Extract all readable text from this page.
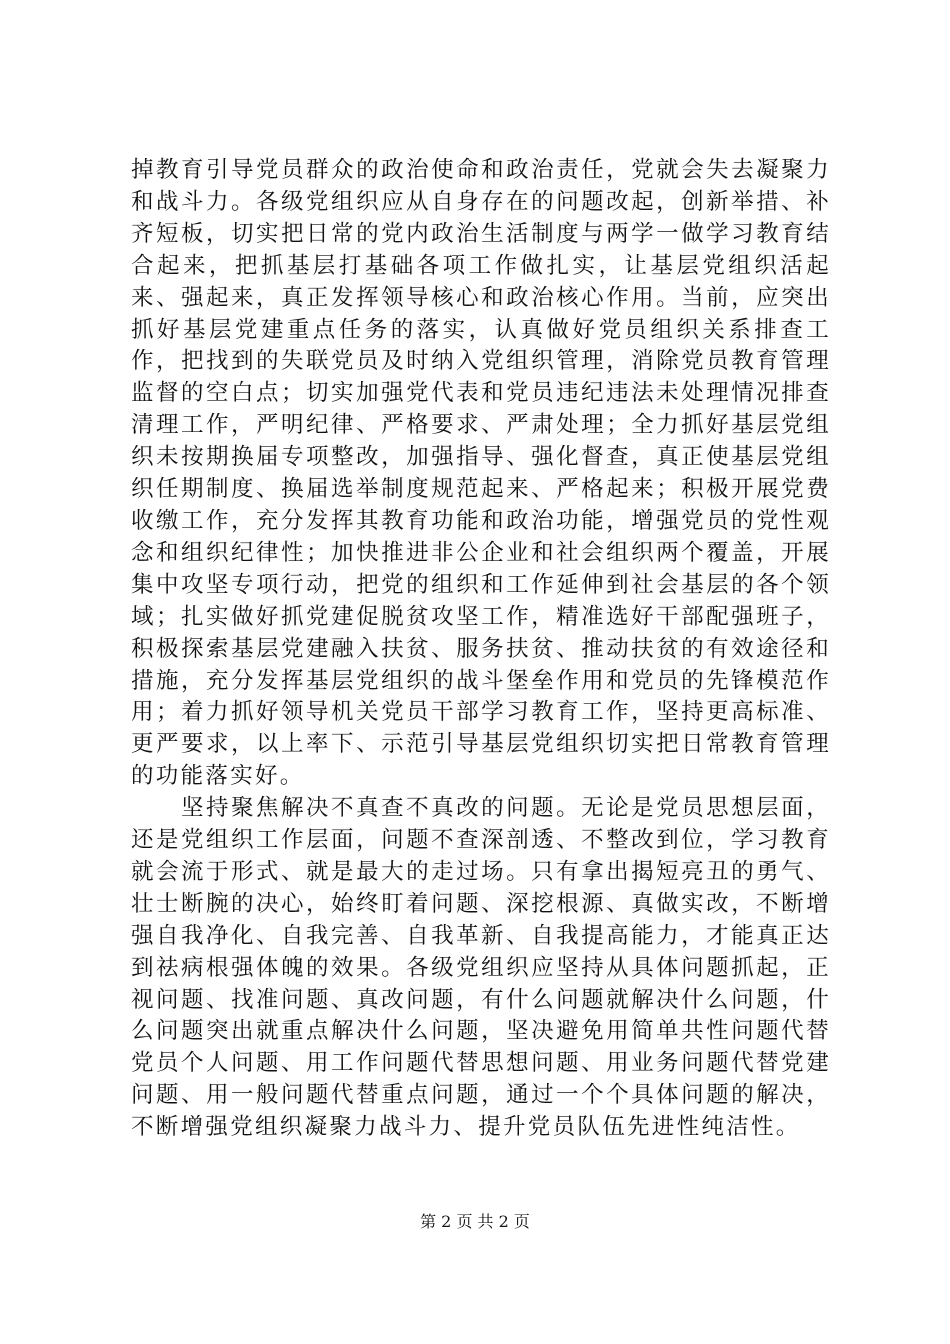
掉教育引导党员群众的政治使命和政治责任，党就会失去凝聚力和战斗力。各级党组织应从自身存在的问题改起，创新举措、补齐短板，切实把日常的党内政治生活制度与两学一做学习教育结合起来，把抓基层打基础各项工作做扎实，让基层党组织活起来、强起来，真正发挥领导核心和政治核心作用。当前，应突出抓好基层党建重点任务的落实，认真做好党员组织关系排查工作，把找到的失联党员及时纳入党组织管理，消除党员教育管理监督的空白点；切实加强党代表和党员违纪违法未处理情况排查清理工作，严明纪律、严格要求、严肃处理；全力抓好基层党组织未按期换届专项整改，加强指导、强化督查，真正使基层党组织任期制度、换届选举制度规范起来、严格起来；积极开展党费收缴工作，充分发挥其教育功能和政治功能，增强党员的党性观念和组织纪律性；加快推进非公企业和社会组织两个覆盖，开展集中攻坚专项行动，把党的组织和工作延伸到社会基层的各个领域；扎实做好抓党建促脱贫攻坚工作，精准选好干部配强班子，积极探索基层党建融入扶贫、服务扶贫、推动扶贫的有效途径和措施，充分发挥基层党组织的战斗堡垒作用和党员的先锋模范作用；着力抓好领导机关党员干部学习教育工作，坚持更高标准、更严要求，以上率下、示范引导基层党组织切实把日常教育管理的功能落实好。

坚持聚焦解决不真查不真改的问题。无论是党员思想层面，还是党组织工作层面，问题不查深剖透、不整改到位，学习教育就会流于形式、就是最大的走过场。只有拿出揭短亮丑的勇气、壮士断腕的决心，始终盯着问题、深挖根源、真做实改，不断增强自我净化、自我完善、自我革新、自我提高能力，才能真正达到祛病根强体魄的效果。各级党组织应坚持从具体问题抓起，正视问题、找准问题、真改问题，有什么问题就解决什么问题，什么问题突出就重点解决什么问题，坚决避免用简单共性问题代替党员个人问题、用工作问题代替思想问题、用业务问题代替党建问题、用一般问题代替重点问题，通过一个个具体问题的解决，不断增强党组织凝聚力战斗力、提升党员队伍先进性纯洁性。

第 2 页 共 2 页
